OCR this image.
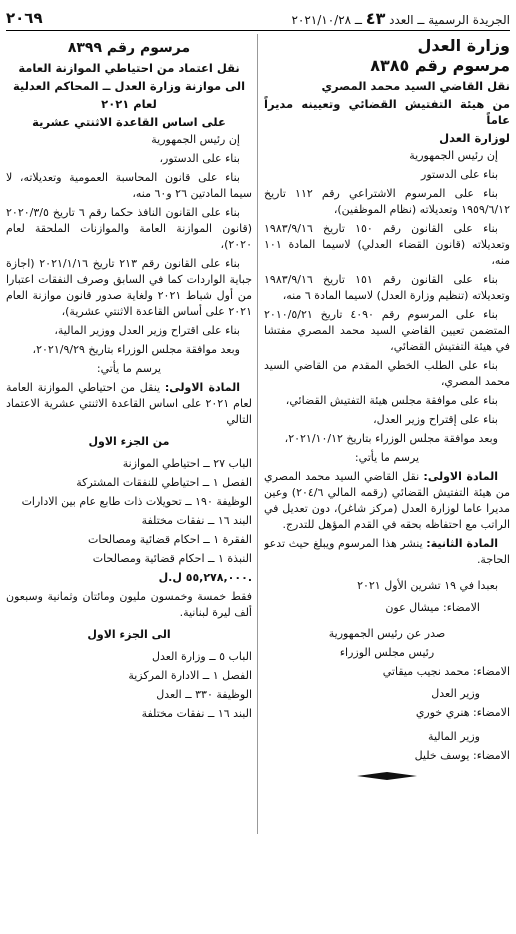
الجريدة الرسمية ــ العدد ٤٣ ــ ٢٠٢١/١٠/٢٨
٢٠٦٩

وزارة العدل

مرسوم رقم ٨٣٨٥

نقل القاضي السيد محمد المصري

من هيئة التفتيش القضائي وتعيينه مديراً عاماً

لوزارة العدل

إن رئيس الجمهورية

بناء على الدستور

بناء على المرسوم الاشتراعي رقم ١١٢ تاريخ ١٩٥٩/٦/١٢ وتعديلاته (نظام الموظفين)،

بناء على القانون رقم ١٥٠ تاريخ ١٩٨٣/٩/١٦ وتعديلاته (قانون القضاء العدلي) لاسيما المادة ١٠١ منه،

بناء على القانون رقم ١٥١ تاريخ ١٩٨٣/٩/١٦ وتعديلاته (تنظيم وزارة العدل) لاسيما المادة ٦ منه،

بناء على المرسوم رقم ٤٠٩٠ تاريخ ٢٠١٠/٥/٢١ المتضمن تعيين القاضي السيد محمد المصري مفتشا في هيئة التفتيش القضائي،

بناء على الطلب الخطي المقدم من القاضي السيد محمد المصري،

بناء على موافقة مجلس هيئة التفتيش القضائي،

بناء على إقتراح وزير العدل،

وبعد موافقة مجلس الوزراء بتاريخ ٢٠٢١/١٠/١٢،

يرسم ما يأتي:

المادة الاولى: نقل القاضي السيد محمد المصري من هيئة التفتيش القضائي (رقمه المالي ٢٠٤/٦) وعين مديرا عاما لوزارة العدل (مركز شاغر)، دون تعديل في الراتب مع احتفاظه بحقه في القدم المؤهل للتدرج.

المادة الثانية: ينشر هذا المرسوم ويبلغ حيث تدعو الحاجة.

بعبدا في ١٩ تشرين الأول ٢٠٢١

الامضاء: ميشال عون

صدر عن رئيس الجمهورية

رئيس مجلس الوزراء

الامضاء: محمد نجيب ميقاتي

وزير العدل

الامضاء: هنري خوري

وزير المالية

الامضاء: يوسف خليل

مرسوم رقم ٨٣٩٩

نقل اعتماد من احتياطي الموازنة العامة

الى موازنة وزارة العدل ــ المحاكم العدلية

لعام ٢٠٢١

على اساس القاعدة الاثنتي عشرية

إن رئيس الجمهورية

بناء على الدستور،

بناء على قانون المحاسبة العمومية وتعديلاته، لا سيما المادتين ٢٦ و٦٠ منه،

بناء على القانون النافذ حكما رقم ٦ تاريخ ٢٠٢٠/٣/٥ (قانون الموازنة العامة والموازنات الملحقة لعام ٢٠٢٠)،

بناء على القانون رقم ٢١٣ تاريخ ٢٠٢١/١/١٦ (اجازة جباية الواردات كما في السابق وصرف النفقات اعتبارا من أول شباط ٢٠٢١ ولغاية صدور قانون موازنة العام ٢٠٢١ على أساس القاعدة الاثنتي عشرية)،

بناء على اقتراح وزير العدل ووزير المالية،

وبعد موافقة مجلس الوزراء بتاريخ ٢٠٢١/٩/٢٩،

يرسم ما يأتي:

المادة الاولى: ينقل من احتياطي الموازنة العامة لعام ٢٠٢١ على اساس القاعدة الاثنتي عشرية الاعتماد التالي

من الجزء الاول

الباب ٢٧ ــ احتياطي الموازنة

الفصل ١ ــ احتياطي للنفقات المشتركة

الوظيفة ١٩٠ ــ تحويلات ذات طابع عام بين الادارات

البند ١٦ ــ نفقات مختلفة

الفقرة ١ ــ احكام قضائية ومصالحات

النبذة ١ ــ احكام قضائية ومصالحات

٥٥,٢٧٨,٠٠٠ ل.ل.

فقط خمسة وخمسون مليون ومائتان وثمانية وسبعون ألف ليرة لبنانية.

الى الجزء الاول

الباب ٥ ــ وزارة العدل

الفصل ١ ــ الادارة المركزية

الوظيفة ٣٣٠ ــ العدل

البند ١٦ ــ نفقات مختلفة
